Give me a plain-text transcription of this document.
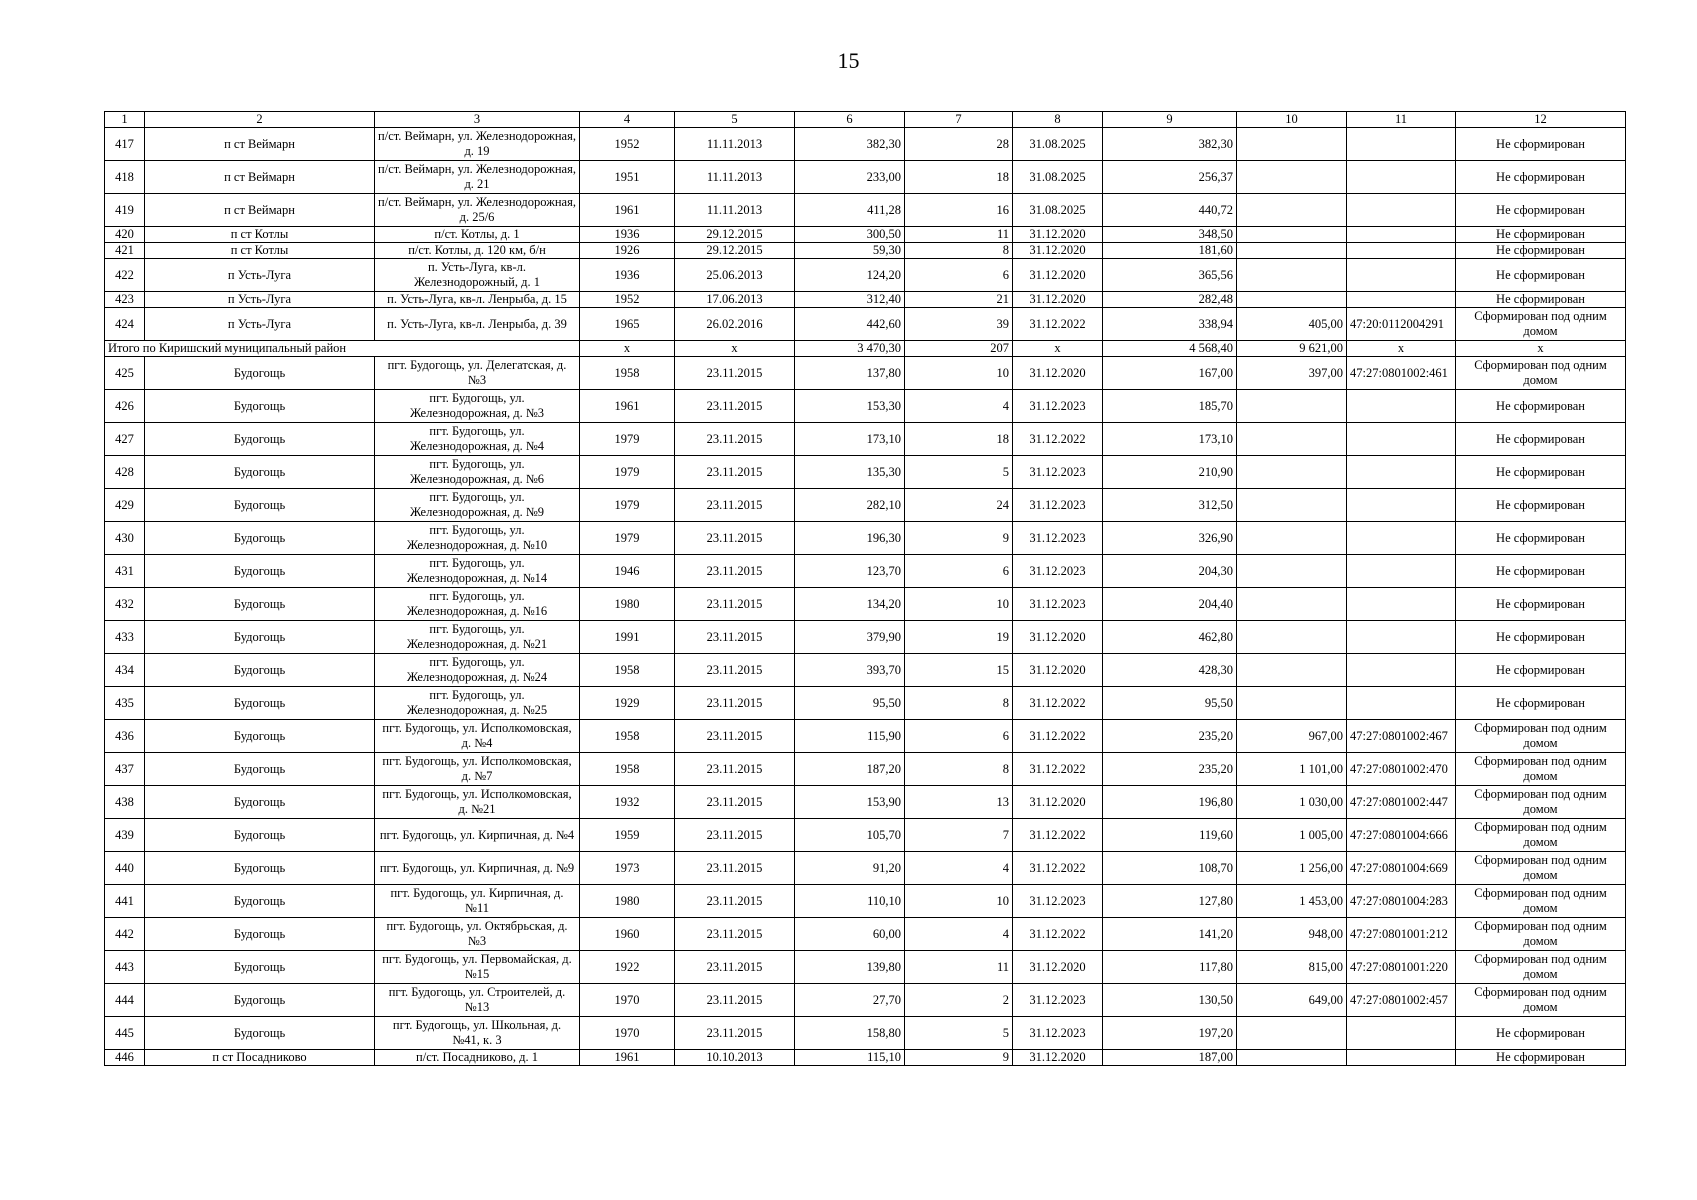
15
1	2	3	4	5	6	7	8	9	10	11	12
417	п ст Веймарн	п/ст. Веймарн, ул. Железнодорожная, д. 19	1952	11.11.2013	382,30	28	31.08.2025	382,30			Не сформирован
418	п ст Веймарн	п/ст. Веймарн, ул. Железнодорожная, д. 21	1951	11.11.2013	233,00	18	31.08.2025	256,37			Не сформирован
419	п ст Веймарн	п/ст. Веймарн, ул. Железнодорожная, д. 25/6	1961	11.11.2013	411,28	16	31.08.2025	440,72			Не сформирован
420	п ст Котлы	п/ст. Котлы, д. 1	1936	29.12.2015	300,50	11	31.12.2020	348,50			Не сформирован
421	п ст Котлы	п/ст. Котлы, д. 120 км, б/н	1926	29.12.2015	59,30	8	31.12.2020	181,60			Не сформирован
422	п Усть-Луга	п. Усть-Луга, кв-л. Железнодорожный, д. 1	1936	25.06.2013	124,20	6	31.12.2020	365,56			Не сформирован
423	п Усть-Луга	п. Усть-Луга, кв-л. Ленрыба, д. 15	1952	17.06.2013	312,40	21	31.12.2020	282,48			Не сформирован
424	п Усть-Луга	п. Усть-Луга, кв-л. Ленрыба, д. 39	1965	26.02.2016	442,60	39	31.12.2022	338,94	405,00	47:20:0112004291	Сформирован под одним домом
Итого по Киришский муниципальный район			x	x	3 470,30	207	x	4 568,40	9 621,00	x	x
425	Будогощь	пгт. Будогощь, ул. Делегатская, д. №3	1958	23.11.2015	137,80	10	31.12.2020	167,00	397,00	47:27:0801002:461	Сформирован под одним домом
426	Будогощь	пгт. Будогощь, ул. Железнодорожная, д. №3	1961	23.11.2015	153,30	4	31.12.2023	185,70			Не сформирован
427	Будогощь	пгт. Будогощь, ул. Железнодорожная, д. №4	1979	23.11.2015	173,10	18	31.12.2022	173,10			Не сформирован
428	Будогощь	пгт. Будогощь, ул. Железнодорожная, д. №6	1979	23.11.2015	135,30	5	31.12.2023	210,90			Не сформирован
429	Будогощь	пгт. Будогощь, ул. Железнодорожная, д. №9	1979	23.11.2015	282,10	24	31.12.2023	312,50			Не сформирован
430	Будогощь	пгт. Будогощь, ул. Железнодорожная, д. №10	1979	23.11.2015	196,30	9	31.12.2023	326,90			Не сформирован
431	Будогощь	пгт. Будогощь, ул. Железнодорожная, д. №14	1946	23.11.2015	123,70	6	31.12.2023	204,30			Не сформирован
432	Будогощь	пгт. Будогощь, ул. Железнодорожная, д. №16	1980	23.11.2015	134,20	10	31.12.2023	204,40			Не сформирован
433	Будогощь	пгт. Будогощь, ул. Железнодорожная, д. №21	1991	23.11.2015	379,90	19	31.12.2020	462,80			Не сформирован
434	Будогощь	пгт. Будогощь, ул. Железнодорожная, д. №24	1958	23.11.2015	393,70	15	31.12.2020	428,30			Не сформирован
435	Будогощь	пгт. Будогощь, ул. Железнодорожная, д. №25	1929	23.11.2015	95,50	8	31.12.2022	95,50			Не сформирован
436	Будогощь	пгт. Будогощь, ул. Исполкомовская, д. №4	1958	23.11.2015	115,90	6	31.12.2022	235,20	967,00	47:27:0801002:467	Сформирован под одним домом
437	Будогощь	пгт. Будогощь, ул. Исполкомовская, д. №7	1958	23.11.2015	187,20	8	31.12.2022	235,20	1 101,00	47:27:0801002:470	Сформирован под одним домом
438	Будогощь	пгт. Будогощь, ул. Исполкомовская, д. №21	1932	23.11.2015	153,90	13	31.12.2020	196,80	1 030,00	47:27:0801002:447	Сформирован под одним домом
439	Будогощь	пгт. Будогощь, ул. Кирпичная, д. №4	1959	23.11.2015	105,70	7	31.12.2022	119,60	1 005,00	47:27:0801004:666	Сформирован под одним домом
440	Будогощь	пгт. Будогощь, ул. Кирпичная, д. №9	1973	23.11.2015	91,20	4	31.12.2022	108,70	1 256,00	47:27:0801004:669	Сформирован под одним домом
441	Будогощь	пгт. Будогощь, ул. Кирпичная, д. №11	1980	23.11.2015	110,10	10	31.12.2023	127,80	1 453,00	47:27:0801004:283	Сформирован под одним домом
442	Будогощь	пгт. Будогощь, ул. Октябрьская, д. №3	1960	23.11.2015	60,00	4	31.12.2022	141,20	948,00	47:27:0801001:212	Сформирован под одним домом
443	Будогощь	пгт. Будогощь, ул. Первомайская, д. №15	1922	23.11.2015	139,80	11	31.12.2020	117,80	815,00	47:27:0801001:220	Сформирован под одним домом
444	Будогощь	пгт. Будогощь, ул. Строителей, д. №13	1970	23.11.2015	27,70	2	31.12.2023	130,50	649,00	47:27:0801002:457	Сформирован под одним домом
445	Будогощь	пгт. Будогощь, ул. Школьная, д. №41, к. 3	1970	23.11.2015	158,80	5	31.12.2023	197,20			Не сформирован
446	п ст Посадниково	п/ст. Посадниково, д. 1	1961	10.10.2013	115,10	9	31.12.2020	187,00			Не сформирован
